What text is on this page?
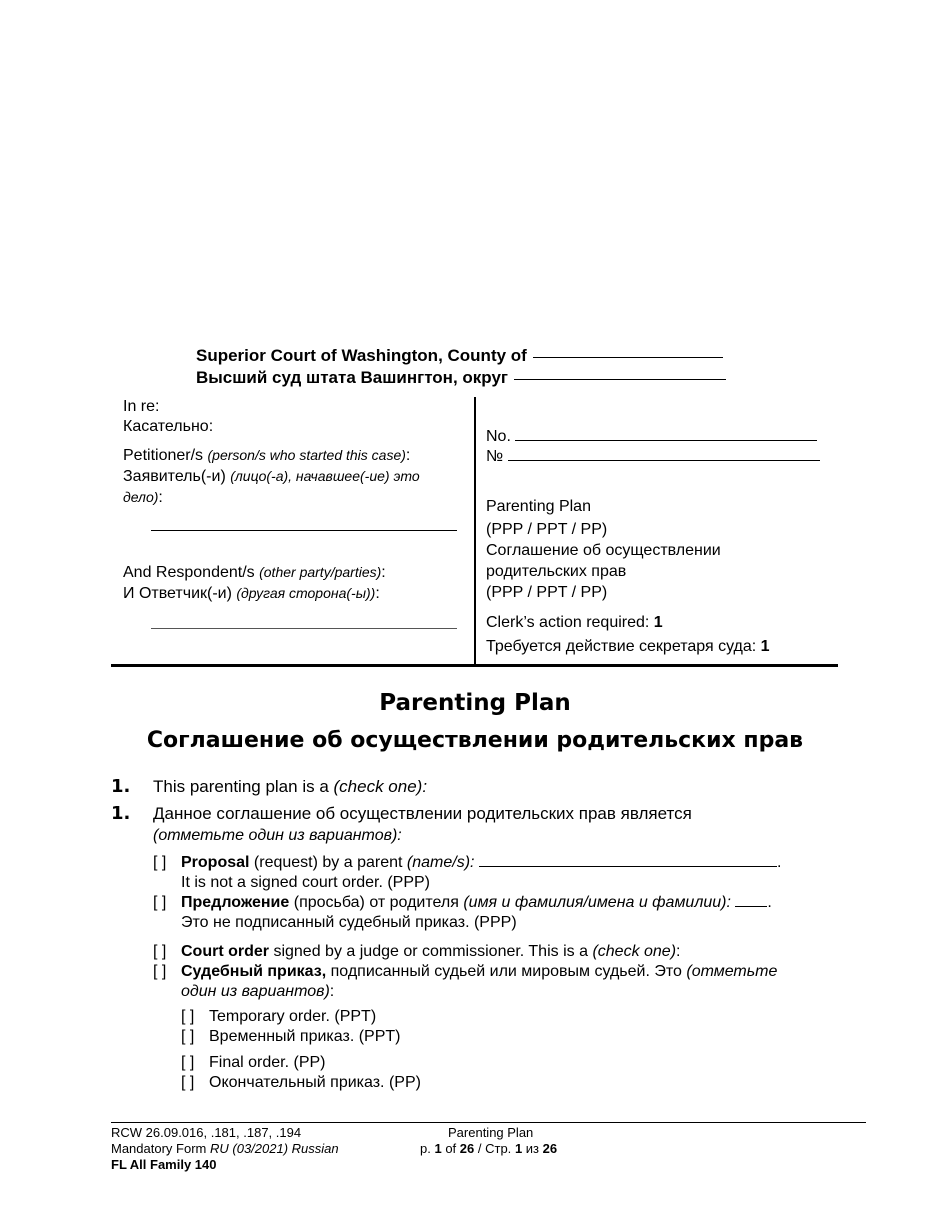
Superior Court of Washington, County of
Высший суд штата Вашингтон, округ
In re:
Касательно:
Petitioner/s (person/s who started this case):
Заявитель(-и) (лицо(-а), начавшее(-ие) это дело):
And Respondent/s (other party/parties):
И Ответчик(-и) (другая сторона(-ы)):
No.
№
Parenting Plan
(PPP / PPT / PP)
Соглашение об осуществлении
родительских прав
(PPP / PPT / PP)
Clerk’s action required: 1
Требуется действие секретаря суда: 1
Parenting Plan
Соглашение об осуществлении родительских прав
1. This parenting plan is a (check one):
1. Данное соглашение об осуществлении родительских прав является
(отметьте один из вариантов):
[ ] Proposal (request) by a parent (name/s):	.
It is not a signed court order. (PPP)
[ ] Предложение (просьба) от родителя (имя и фамилия/имена и фамилии): .
Это не подписанный судебный приказ. (PPP)
[ ] Court order signed by a judge or commissioner. This is a (check one):
[ ] Судебный приказ, подписанный судьей или мировым судьей. Это (отметьте
один из вариантов):
[ ] Temporary order. (PPT)
[ ] Временный приказ. (PPT)
[ ] Final order. (PP)
[ ] Окончательный приказ. (PP)
RCW 26.09.016, .181, .187, .194
Mandatory Form RU (03/2021) Russian
FL All Family 140
Parenting Plan
p. 1 of 26 / Стр. 1 из 26
